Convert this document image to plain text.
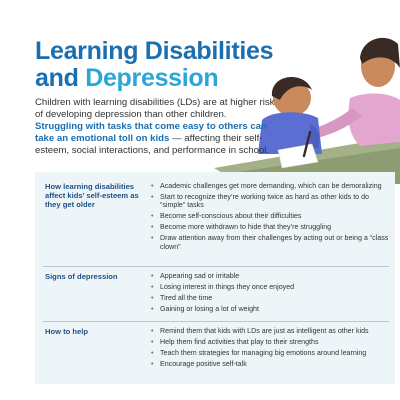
Learning Disabilities
and Depression

Children with learning disabilities (LDs) are at higher risk of developing depression than other children. Struggling with tasks that come easy to others can take an emotional toll on kids — affecting their self-esteem, social interactions, and performance in school.

How learning disabilities affect kids’ self-esteem as they get older
• Academic challenges get more demanding, which can be demoralizing
• Start to recognize they’re working twice as hard as other kids to do “simple” tasks
• Become self-conscious about their difficulties
• Become more withdrawn to hide that they’re struggling
• Draw attention away from their challenges by acting out or being a “class clown”
Signs of depression	• Appearing sad or irritable
• Losing interest in things they once enjoyed
• Tired all the time
• Gaining or losing a lot of weight
How to help	• Remind them that kids with LDs are just as intelligent as other kids
• Help them find activities that play to their strengths
• Teach them strategies for managing big emotions around learning
• Encourage positive self-talk
